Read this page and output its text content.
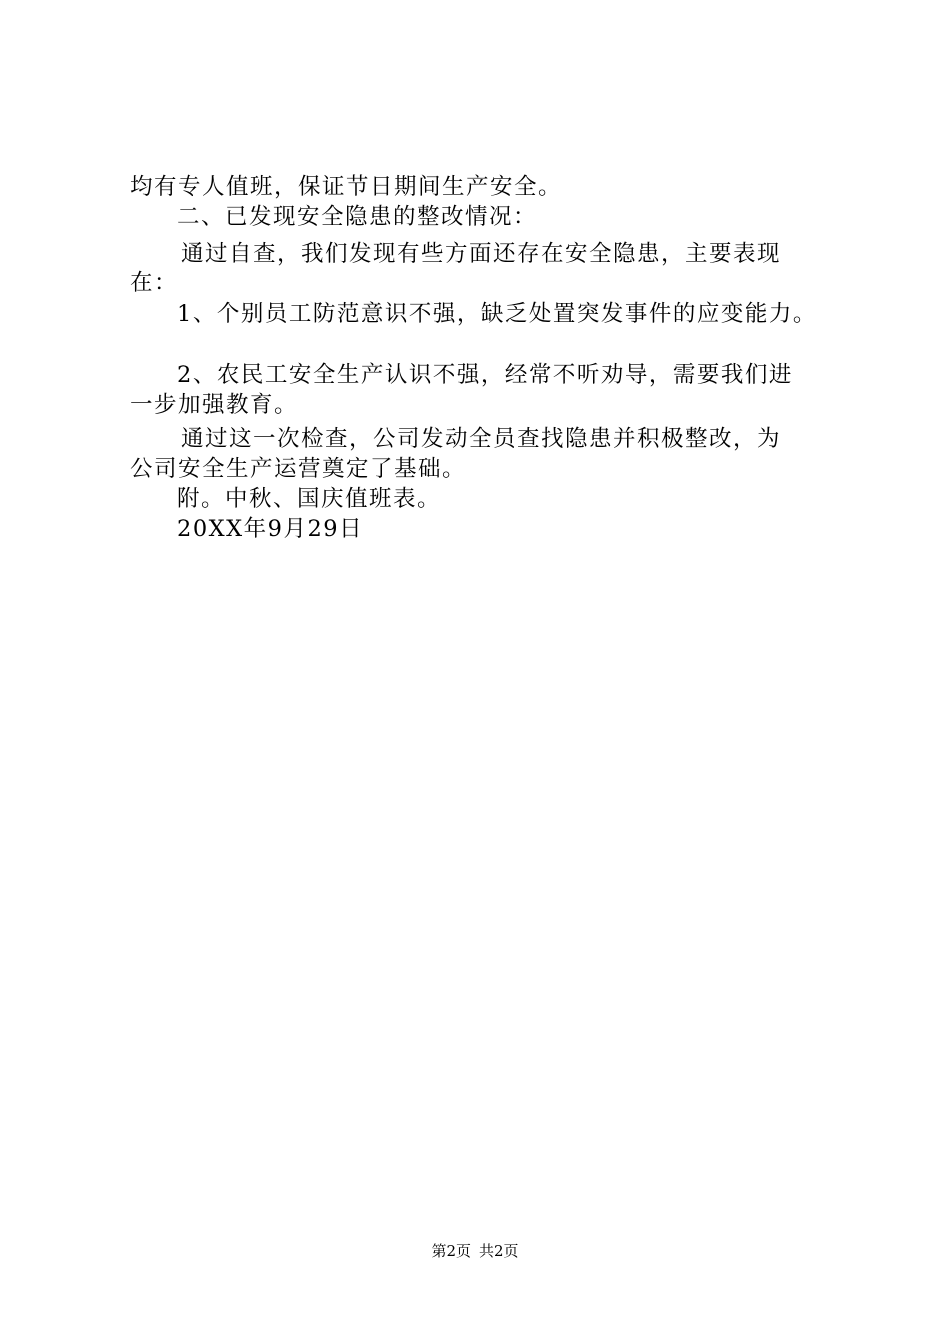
均有专人值班，保证节日期间生产安全。
二、已发现安全隐患的整改情况：
通过自查，我们发现有些方面还存在安全隐患，主要表现
在：
1、个别员工防范意识不强，缺乏处置突发事件的应变能力。
2、农民工安全生产认识不强，经常不听劝导，需要我们进
一步加强教育。
通过这一次检查，公司发动全员查找隐患并积极整改，为
公司安全生产运营奠定了基础。
附。中秋、国庆值班表。
20XX年9月29日
第2页 共2页
